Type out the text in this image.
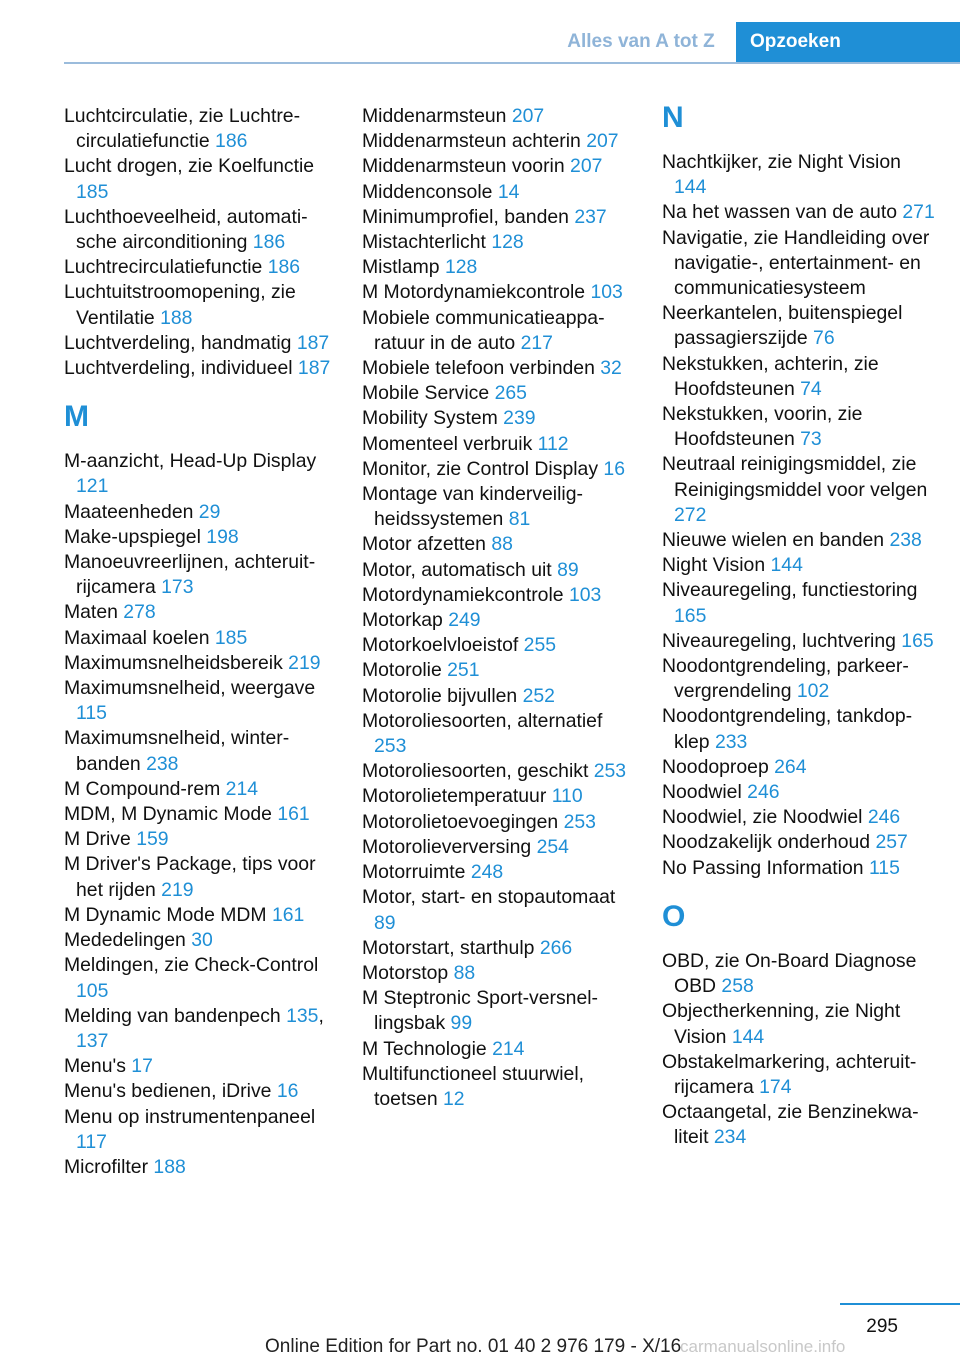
Alles van A tot Z	Opzoeken
Luchtcirculatie, zie Luchtrecirculatiefunctie 186
Lucht drogen, zie Koelfunctie 185
Luchthoeveelheid, automatische airconditioning 186
Luchtrecirculatiefunctie 186
Luchtuitstroomopening, zie Ventilatie 188
Luchtverdeling, handmatig 187
Luchtverdeling, individueel 187
M
M-aanzicht, Head-Up Display 121
Maateenheden 29
Make-upspiegel 198
Manoeuvreerlijnen, achteruitrijcamera 173
Maten 278
Maximaal koelen 185
Maximumsnelheidsbereik 219
Maximumsnelheid, weergave 115
Maximumsnelheid, winterbanden 238
M Compound-rem 214
MDM, M Dynamic Mode 161
M Drive 159
M Driver's Package, tips voor het rijden 219
M Dynamic Mode MDM 161
Mededelingen 30
Meldingen, zie Check-Control 105
Melding van bandenpech 135, 137
Menu's 17
Menu's bedienen, iDrive 16
Menu op instrumentenpaneel 117
Microfilter 188
Middenarmsteun 207
Middenarmsteun achterin 207
Middenarmsteun voorin 207
Middenconsole 14
Minimumprofiel, banden 237
Mistachterlicht 128
Mistlamp 128
M Motordynamiekcontrole 103
Mobiele communicatieapparatuur in de auto 217
Mobiele telefoon verbinden 32
Mobile Service 265
Mobility System 239
Momenteel verbruik 112
Monitor, zie Control Display 16
Montage van kinderveiligheidssystemen 81
Motor afzetten 88
Motor, automatisch uit 89
Motordynamiekcontrole 103
Motorkap 249
Motorkoelvloeistof 255
Motorolie 251
Motorolie bijvullen 252
Motoroliesoorten, alternatief 253
Motoroliesoorten, geschikt 253
Motorolietemperatuur 110
Motorolietoevoegingen 253
Motorolieverversing 254
Motorruimte 248
Motor, start- en stopautomaat 89
Motorstart, starthulp 266
Motorstop 88
M Steptronic Sport-versnellingsbak 99
M Technologie 214
Multifunctioneel stuurwiel, toetsen 12
N
Nachtkijker, zie Night Vision 144
Na het wassen van de auto 271
Navigatie, zie Handleiding over navigatie-, entertainment- en communicatiesysteem
Neerkantelen, buitenspiegel passagierszijde 76
Nekstukken, achterin, zie Hoofdsteunen 74
Nekstukken, voorin, zie Hoofdsteunen 73
Neutraal reinigingsmiddel, zie Reinigingsmiddel voor velgen 272
Nieuwe wielen en banden 238
Night Vision 144
Niveauregeling, functiestoring 165
Niveauregeling, luchtvering 165
Noodontgrendeling, parkeervergrendeling 102
Noodontgrendeling, tankdopklep 233
Noodoproep 264
Noodwiel 246
Noodwiel, zie Noodwiel 246
Noodzakelijk onderhoud 257
No Passing Information 115
O
OBD, zie On-Board Diagnose OBD 258
Objectherkenning, zie Night Vision 144
Obstakelmarkering, achteruitrijcamera 174
Octaangetal, zie Benzinekwaliteit 234
295
Online Edition for Part no. 01 40 2 976 179 - X/16
carmanualsonline.info
